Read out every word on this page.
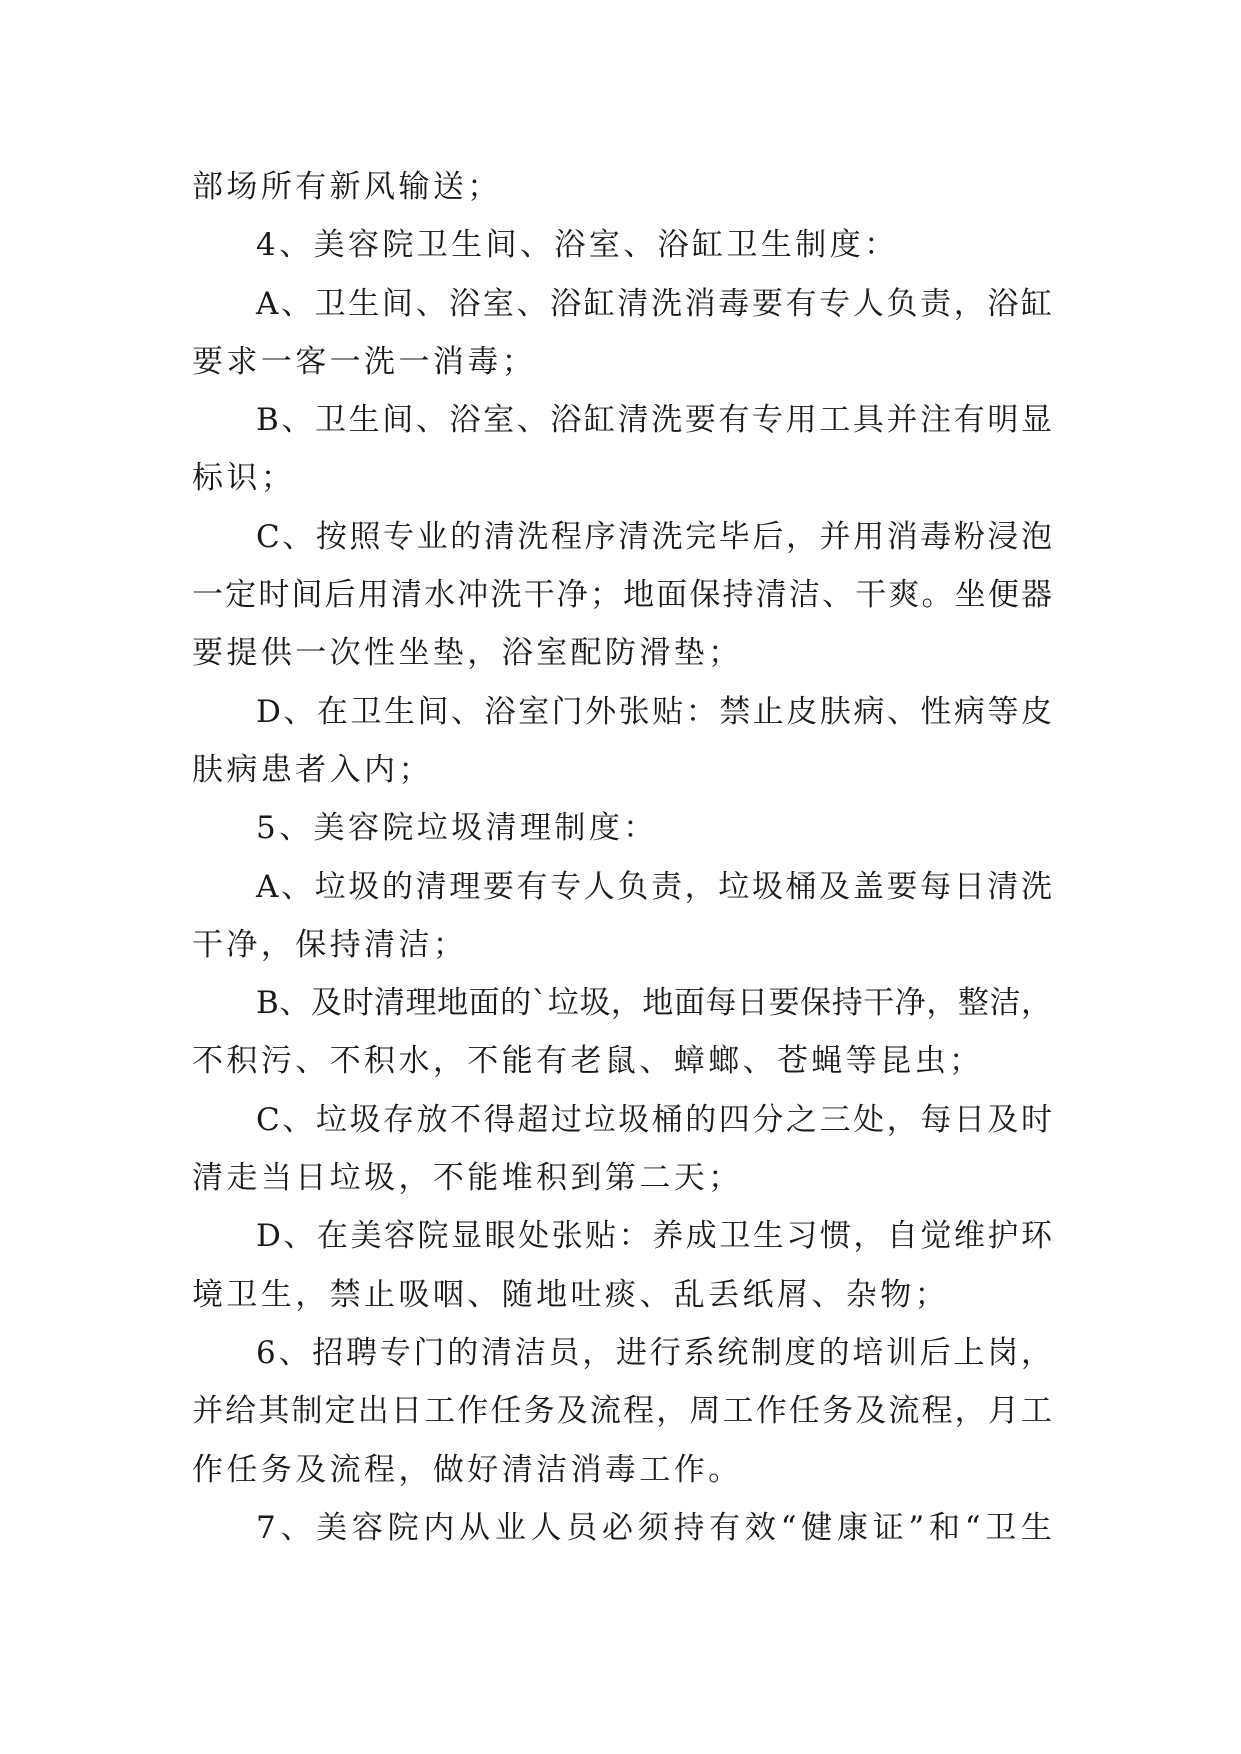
部场所有新风输送；
4、美容院卫生间、浴室、浴缸卫生制度：
A、卫生间、浴室、浴缸清洗消毒要有专人负责，浴缸
要求一客一洗一消毒；
B、卫生间、浴室、浴缸清洗要有专用工具并注有明显
标识；
C、按照专业的清洗程序清洗完毕后，并用消毒粉浸泡
一定时间后用清水冲洗干净；地面保持清洁、干爽。坐便器
要提供一次性坐垫，浴室配防滑垫；
D、在卫生间、浴室门外张贴：禁止皮肤病、性病等皮
肤病患者入内；
5、美容院垃圾清理制度：
A、垃圾的清理要有专人负责，垃圾桶及盖要每日清洗
干净，保持清洁；
B、及时清理地面的`垃圾，地面每日要保持干净，整洁，
不积污、不积水，不能有老鼠、蟑螂、苍蝇等昆虫；
C、垃圾存放不得超过垃圾桶的四分之三处，每日及时
清走当日垃圾，不能堆积到第二天；
D、在美容院显眼处张贴：养成卫生习惯，自觉维护环
境卫生，禁止吸咽、随地吐痰、乱丢纸屑、杂物；
6、招聘专门的清洁员，进行系统制度的培训后上岗，
并给其制定出日工作任务及流程，周工作任务及流程，月工
作任务及流程，做好清洁消毒工作。
7、美容院内从业人员必须持有效“健康证”和“卫生
